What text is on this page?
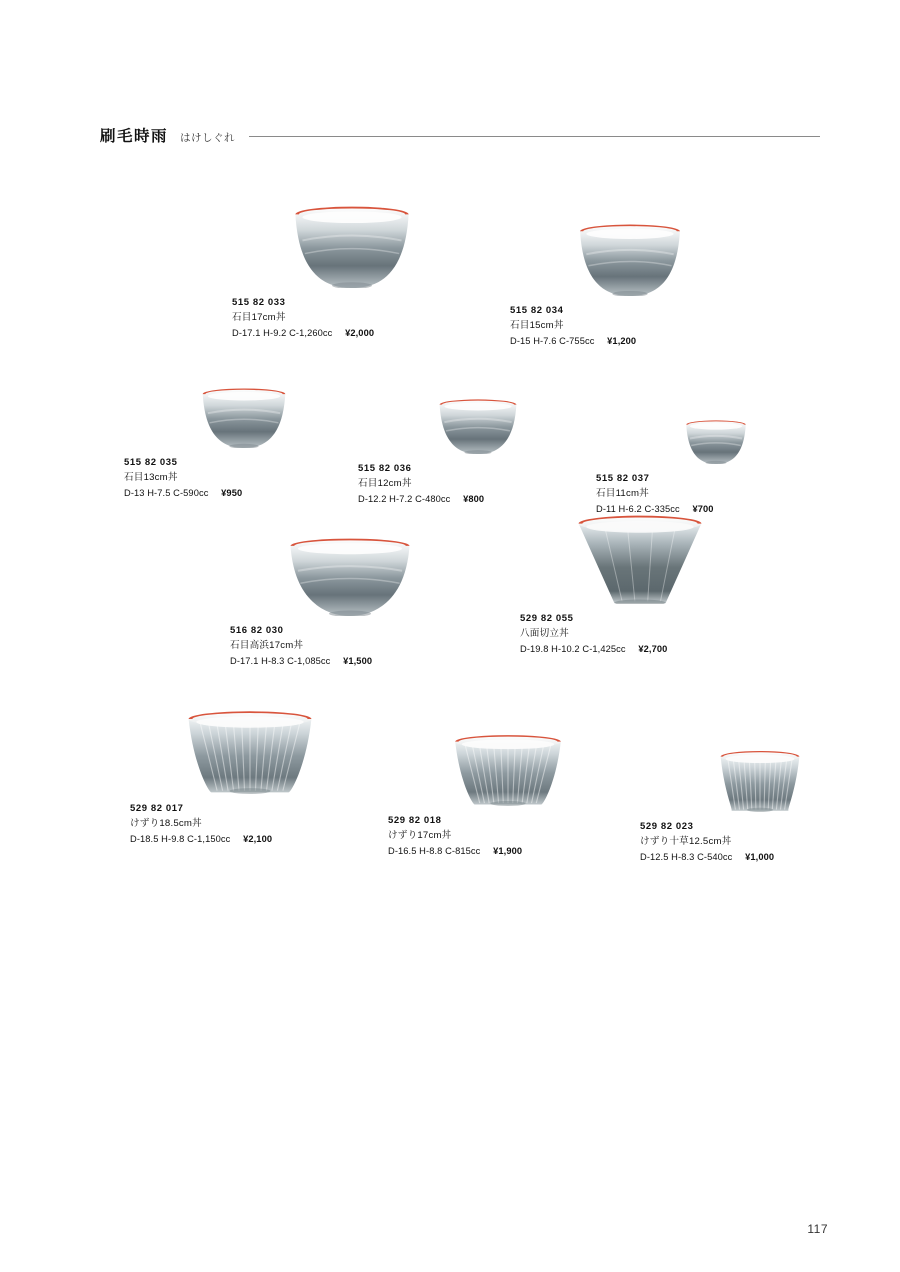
刷毛時雨 はけしぐれ
515 82 033
石目17cm丼
D-17.1 H-9.2 C-1,260cc ¥2,000
515 82 034
石目15cm丼
D-15 H-7.6 C-755cc ¥1,200
515 82 035
石目13cm丼
D-13 H-7.5 C-590cc ¥950
515 82 036
石目12cm丼
D-12.2 H-7.2 C-480cc ¥800
515 82 037
石目11cm丼
D-11 H-6.2 C-335cc ¥700
516 82 030
石目高浜17cm丼
D-17.1 H-8.3 C-1,085cc ¥1,500
529 82 055
八面切立丼
D-19.8 H-10.2 C-1,425cc ¥2,700
529 82 017
けずり18.5cm丼
D-18.5 H-9.8 C-1,150cc ¥2,100
529 82 018
けずり17cm丼
D-16.5 H-8.8 C-815cc ¥1,900
529 82 023
けずり十草12.5cm丼
D-12.5 H-8.3 C-540cc ¥1,000
117
